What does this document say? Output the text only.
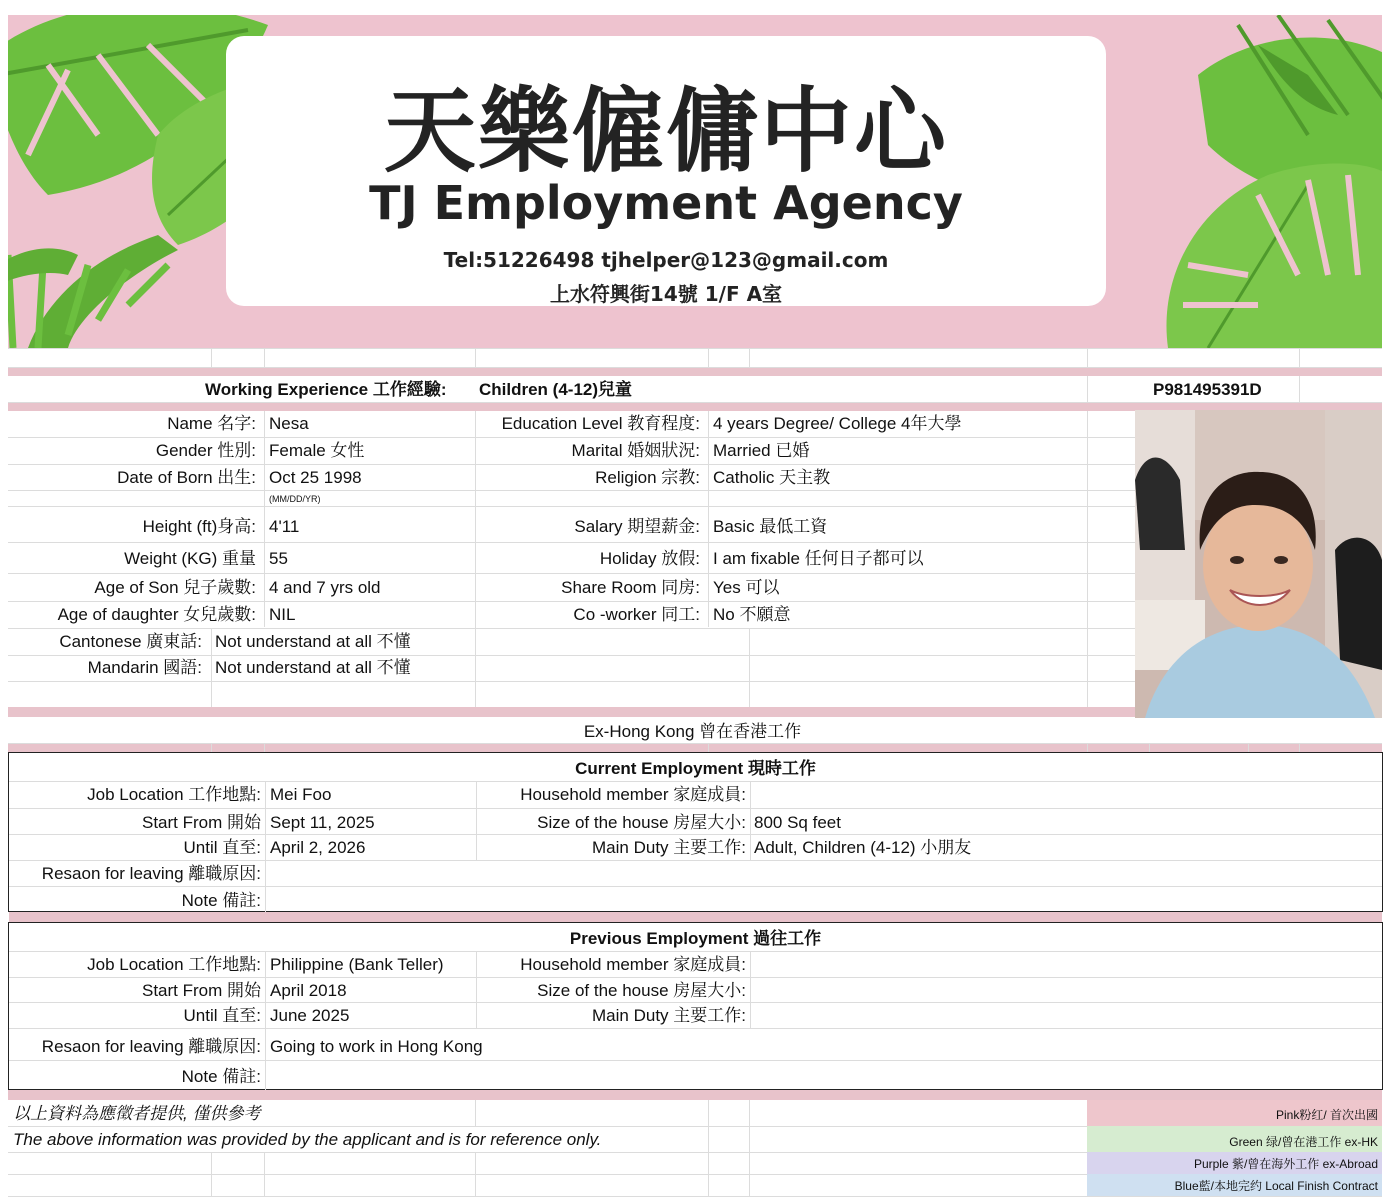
天樂僱傭中心
TJ Employment Agency
Tel:51226498 tjhelper@123@gmail.com
上水符興街14號 1/F A室
Working Experience 工作經驗: Children (4-12)兒童	P981495391D
Name 名字: Nesa
Gender 性別: Female 女性
Date of Born 出生: Oct 25 1998
(MM/DD/YR)
Height (ft)身高: 4'11
Weight (KG) 重量 55
Age of Son 兒子歲數: 4 and 7 yrs old
Age of daughter 女兒歲數: NIL
Cantonese 廣東話: Not understand at all 不懂
Mandarin 國語: Not understand at all 不懂
Education Level 教育程度: 4 years Degree/ College 4年大學
Marital 婚姻狀況: Married 已婚
Religion 宗教: Catholic 天主教
Salary 期望薪金: Basic 最低工資
Holiday 放假: I am fixable 任何日子都可以
Share Room 同房: Yes 可以
Co -worker 同工: No 不願意
Ex-Hong Kong 曾在香港工作
Current Employment 現時工作
Job Location 工作地點: Mei Foo
Start From 開始 Sept 11, 2025
Until 直至: April 2, 2026
Resaon for leaving 離職原因:
Note 備註:
Household member 家庭成員:
Size of the house 房屋大小: 800 Sq feet
Main Duty 主要工作: Adult, Children (4-12) 小朋友
Previous Employment 過往工作
Job Location 工作地點: Philippine (Bank Teller)
Start From 開始 April 2018
Until 直至: June 2025
Resaon for leaving 離職原因: Going to work in Hong Kong
Note 備註:
Household member 家庭成員:
Size of the house 房屋大小:
Main Duty 主要工作:
以上資料為應徵者提供, 僅供參考
The above information was provided by the applicant and is for reference only.
Pink粉红/ 首次出國
Green 绿/曾在港工作 ex-HK
Purple 紫/曾在海外工作 ex-Abroad
Blue藍/本地完约 Local Finish Contract
